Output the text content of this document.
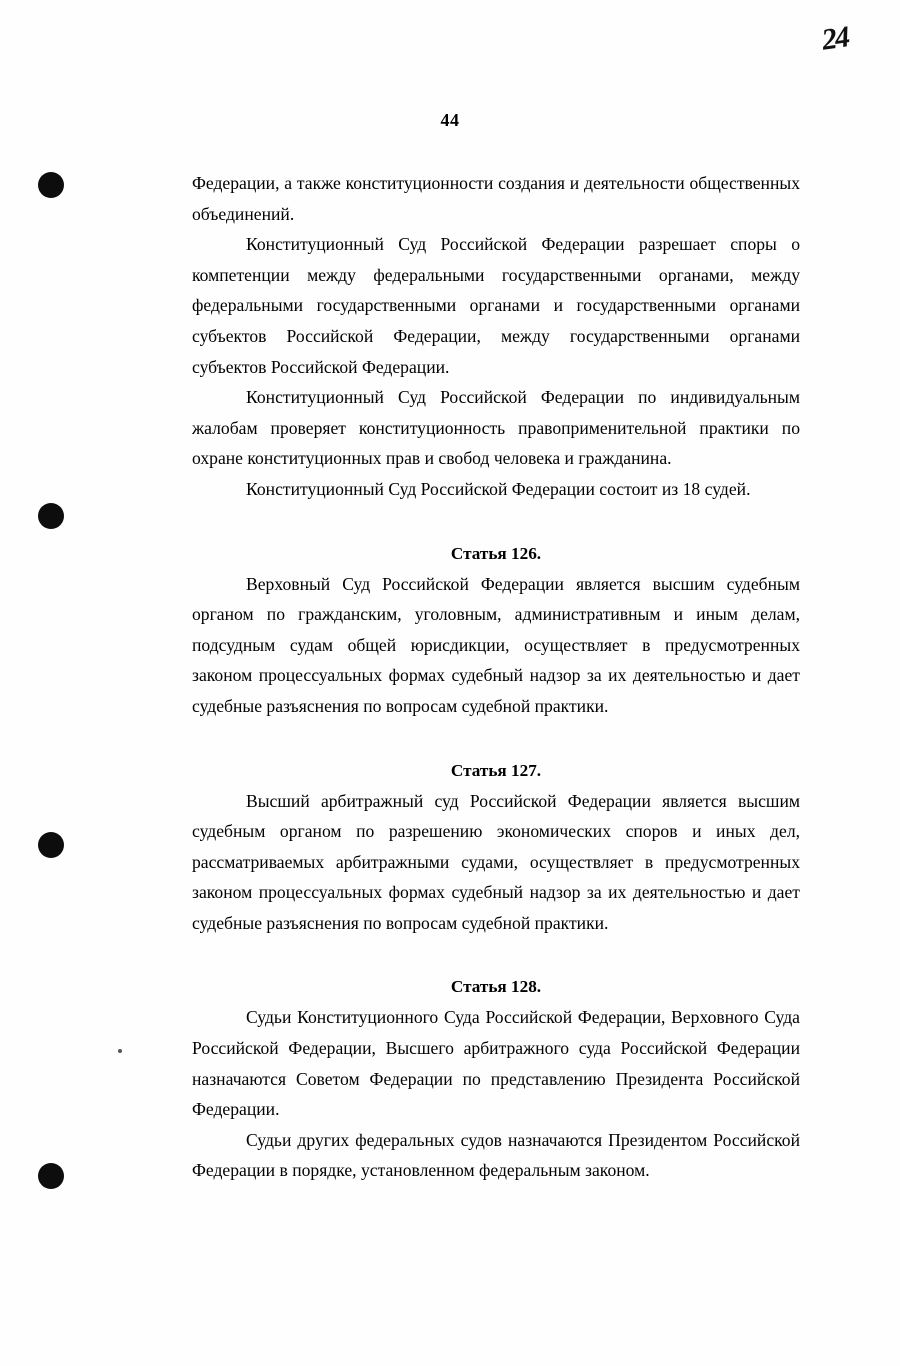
24
44

Федерации, а также конституционности создания и деятельности общественных объединений.

Конституционный Суд Российской Федерации разрешает споры о компетенции между федеральными государственными органами, между федеральными государственными органами и государственными органами субъектов Российской Федерации, между государственными органами субъектов Российской Федерации.

Конституционный Суд Российской Федерации по индивидуальным жалобам проверяет конституционность правоприменительной практики по охране конституционных прав и свобод человека и гражданина.

Конституционный Суд Российской Федерации состоит из 18 судей.

Статья 126.

Верховный Суд Российской Федерации является высшим судебным органом по гражданским, уголовным, административным и иным делам, подсудным судам общей юрисдикции, осуществляет в предусмотренных законом процессуальных формах судебный надзор за их деятельностью и дает судебные разъяснения по вопросам судебной практики.

Статья 127.

Высший арбитражный суд Российской Федерации является высшим судебным органом по разрешению экономических споров и иных дел, рассматриваемых арбитражными судами, осуществляет в предусмотренных законом процессуальных формах судебный надзор за их деятельностью и дает судебные разъяснения по вопросам судебной практики.

Статья 128.

Судьи Конституционного Суда Российской Федерации, Верховного Суда Российской Федерации, Высшего арбитражного суда Российской Федерации назначаются Советом Федерации по представлению Президента Российской Федерации.

Судьи других федеральных судов назначаются Президентом Российской Федерации в порядке, установленном федеральным законом.
